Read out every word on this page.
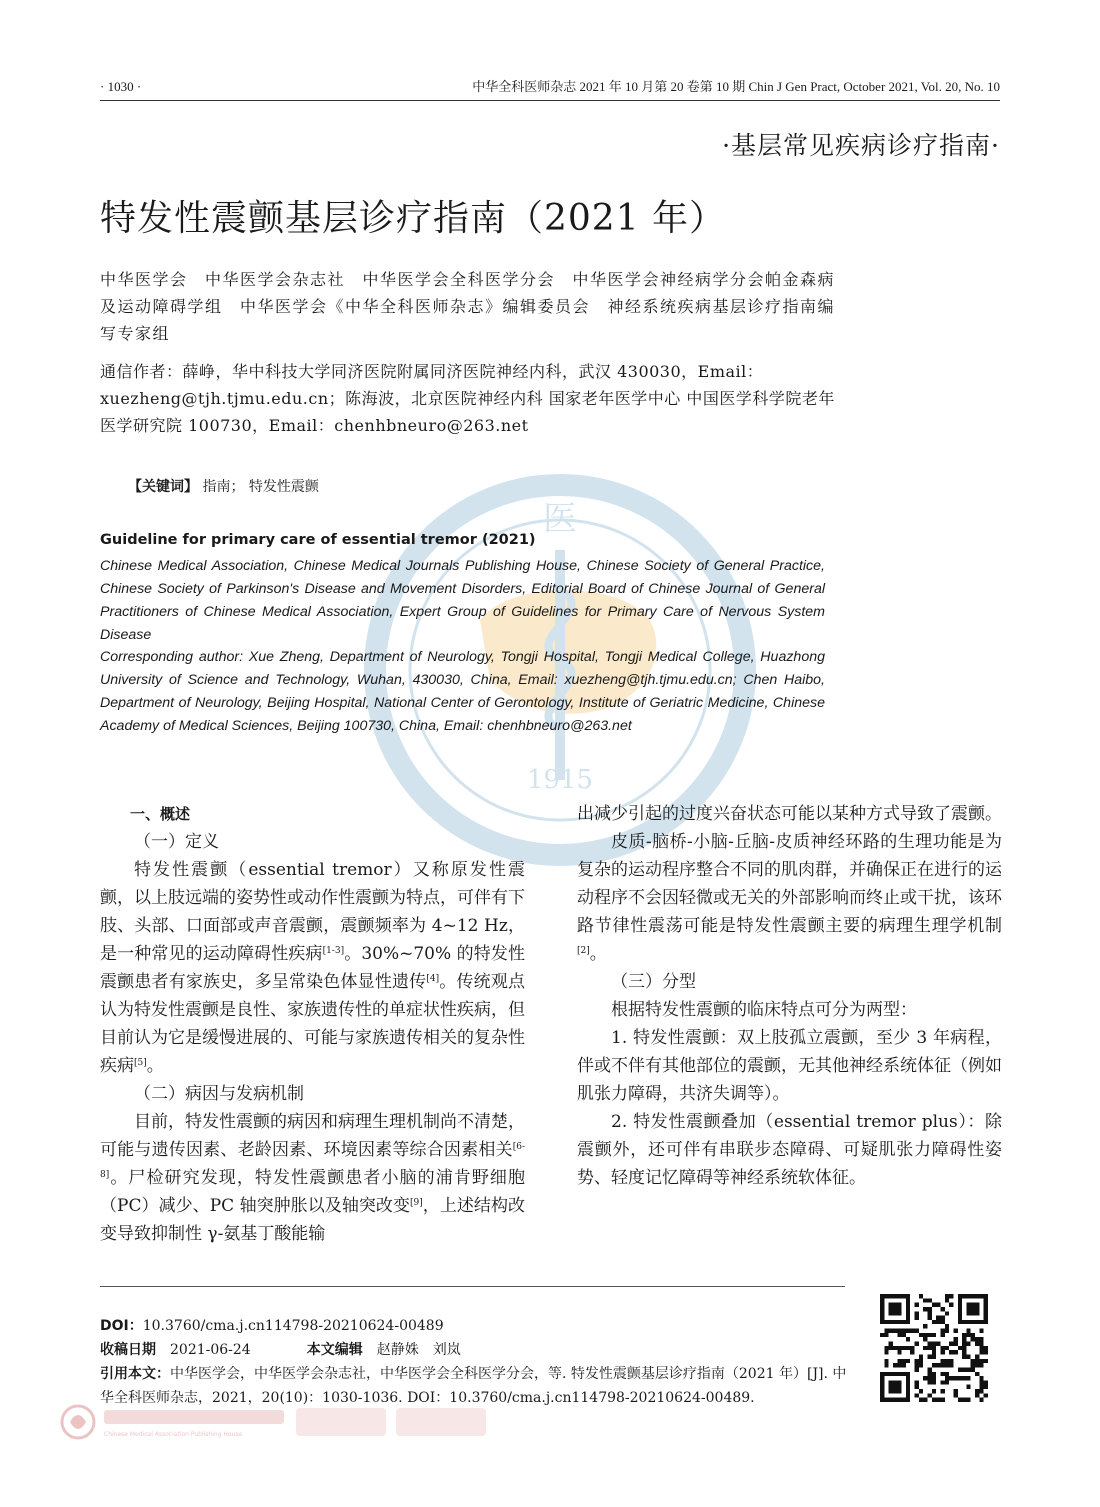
· 1030 ·	中华全科医师杂志 2021 年 10 月第 20 卷第 10 期 Chin J Gen Pract, October 2021, Vol. 20, No. 10
·基层常见疾病诊疗指南·
特发性震颤基层诊疗指南（2021 年）
中华医学会　中华医学会杂志社　中华医学会全科医学分会　中华医学会神经病学分会帕金森病及运动障碍学组　中华医学会《中华全科医师杂志》编辑委员会　神经系统疾病基层诊疗指南编写专家组
通信作者：薛峥，华中科技大学同济医院附属同济医院神经内科，武汉 430030，Email：xuezheng@tjh.tjmu.edu.cn；陈海波，北京医院神经内科 国家老年医学中心 中国医学科学院老年医学研究院 100730，Email：chenhbneuro@263.net
医
1915
【关键词】 指南； 特发性震颤
Guideline for primary care of essential tremor (2021)
Chinese Medical Association, Chinese Medical Journals Publishing House, Chinese Society of General Practice, Chinese Society of Parkinson's Disease and Movement Disorders, Editorial Board of Chinese Journal of General Practitioners of Chinese Medical Association, Expert Group of Guidelines for Primary Care of Nervous System Disease
Corresponding author: Xue Zheng, Department of Neurology, Tongji Hospital, Tongji Medical College, Huazhong University of Science and Technology, Wuhan, 430030, China, Email: xuezheng@tjh.tjmu.edu.cn; Chen Haibo, Department of Neurology, Beijing Hospital, National Center of Gerontology, Institute of Geriatric Medicine, Chinese Academy of Medical Sciences, Beijing 100730, China, Email: chenhbneuro@263.net

一、概述

（一）定义

特发性震颤（essential tremor）又称原发性震颤，以上肢远端的姿势性或动作性震颤为特点，可伴有下肢、头部、口面部或声音震颤，震颤频率为 4~12 Hz，是一种常见的运动障碍性疾病[1-3]。30%~70% 的特发性震颤患者有家族史，多呈常染色体显性遗传[4]。传统观点认为特发性震颤是良性、家族遗传性的单症状性疾病，但目前认为它是缓慢进展的、可能与家族遗传相关的复杂性疾病[5]。

（二）病因与发病机制

目前，特发性震颤的病因和病理生理机制尚不清楚，可能与遗传因素、老龄因素、环境因素等综合因素相关[6-8]。尸检研究发现，特发性震颤患者小脑的浦肯野细胞（PC）减少、PC 轴突肿胀以及轴突改变[9]，上述结构改变导致抑制性 γ-氨基丁酸能输

出减少引起的过度兴奋状态可能以某种方式导致了震颤。

皮质-脑桥-小脑-丘脑-皮质神经环路的生理功能是为复杂的运动程序整合不同的肌肉群，并确保正在进行的运动程序不会因轻微或无关的外部影响而终止或干扰，该环路节律性震荡可能是特发性震颤主要的病理生理学机制[2]。

（三）分型

根据特发性震颤的临床特点可分为两型：

1. 特发性震颤：双上肢孤立震颤，至少 3 年病程，伴或不伴有其他部位的震颤，无其他神经系统体征（例如肌张力障碍，共济失调等）。

2. 特发性震颤叠加（essential tremor plus）：除震颤外，还可伴有串联步态障碍、可疑肌张力障碍性姿势、轻度记忆障碍等神经系统软体征。

DOI：10.3760/cma.j.cn114798-20210624-00489

收稿日期　 2021-06-24　　　　	本文编辑　 赵静姝　刘岚

引用本文：中华医学会，中华医学会杂志社，中华医学会全科医学分会，等. 特发性震颤基层诊疗指南（2021 年）[J]. 中华全科医师杂志，2021，20(10)：1030-1036. DOI：10.3760/cma.j.cn114798-20210624-00489.

Chinese Medical Association Publishing House
